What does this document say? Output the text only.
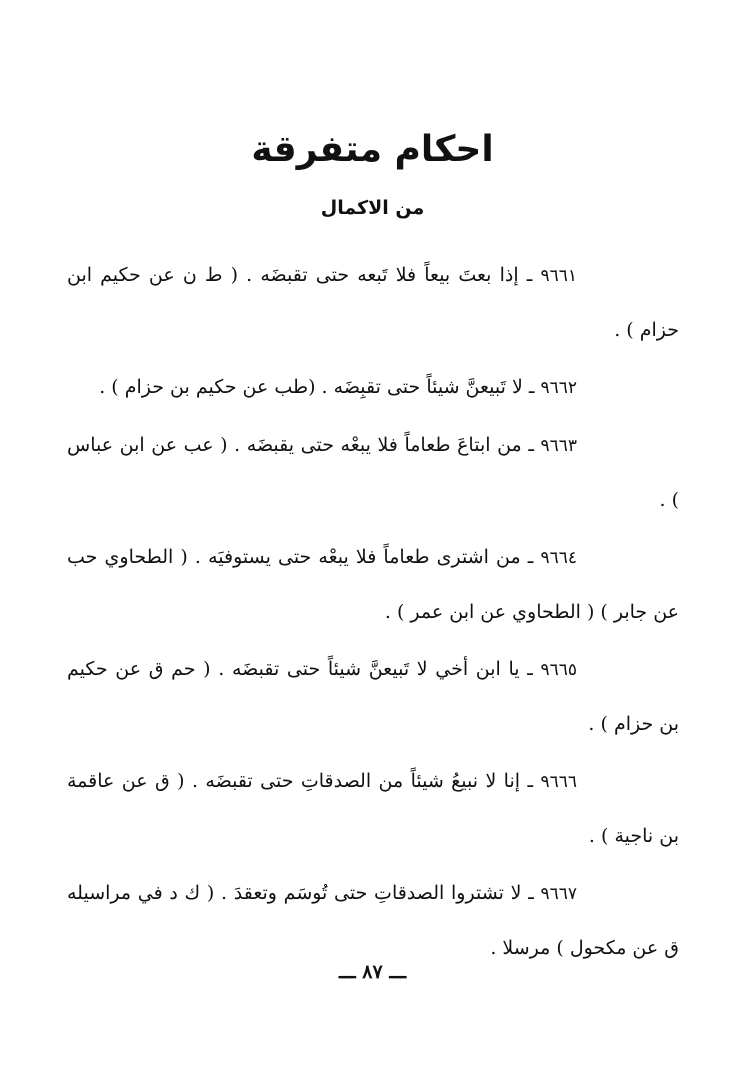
احكام متفرقة
من الاكمال
٩٦٦١ ـ إذا بعتَ بيعاً فلا تَبعه حتى تقبضَه . ( ط ن عن حكيم ابن حزام ) .
٩٦٦٢ ـ لا تَبيعنَّ شيئاً حتى تقبِضَه . (طب عن حكيم بن حزام ) .
٩٦٦٣ ـ من ابتاعَ طعاماً فلا يبعْه حتى يقبضَه . ( عب عن ابن عباس ) .
٩٦٦٤ ـ من اشترى طعاماً فلا يبعْه حتى يستوفيَه . ( الطحاوي حب عن جابر ) ( الطحاوي عن ابن عمر ) .
٩٦٦٥ ـ يا ابن أخي لا تَبيعنَّ شيئاً حتى تقبضَه . ( حم ق عن حكيم بن حزام ) .
٩٦٦٦ ـ إنا لا نبيعُ شيئاً من الصدقاتِ حتى تقبضَه . ( ق عن عاقمة بن ناجية ) .
٩٦٦٧ ـ لا تشتروا الصدقاتِ حتى تُوسَم وتعقدَ . ( ك د في مراسيله ق عن مكحول ) مرسلا .
ـــ ٨٧ ـــ
